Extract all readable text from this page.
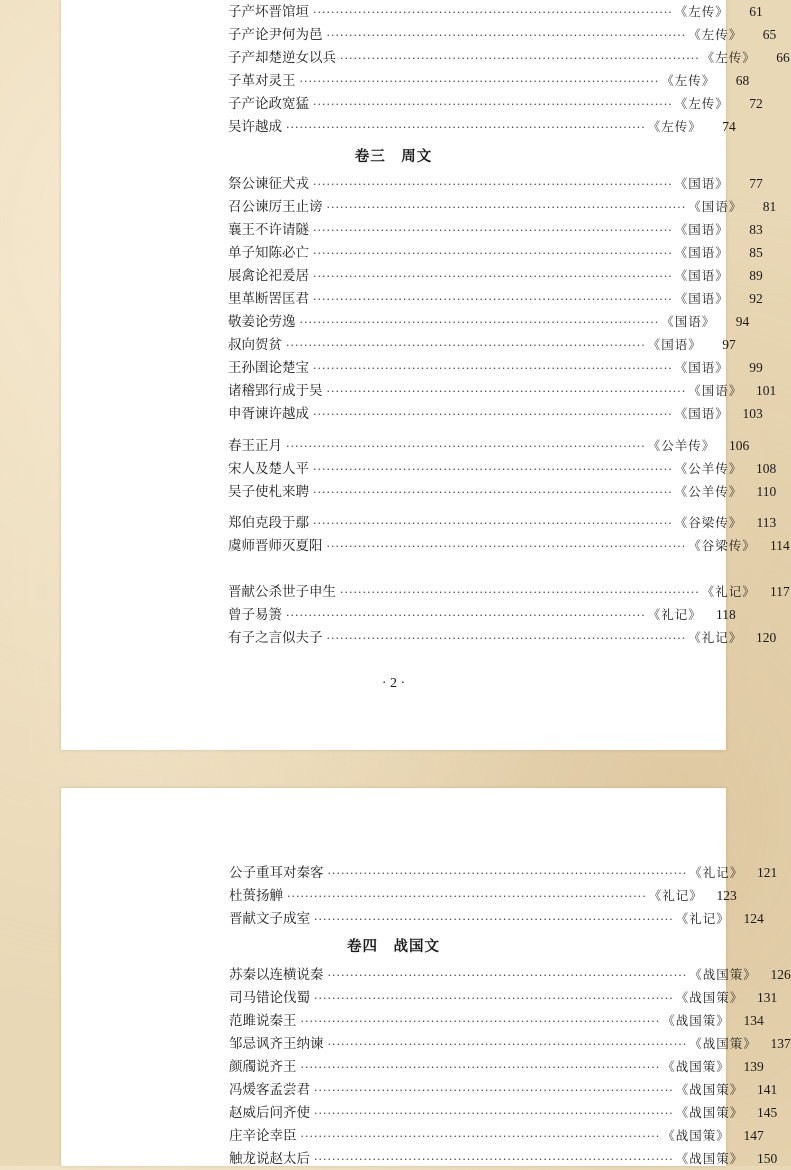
子产坏晋馆垣 ················································································ 《左传》	61
子产论尹何为邑 ················································································ 《左传》	65
子产却楚逆女以兵 ················································································ 《左传》	66
子革对灵王 ················································································ 《左传》	68
子产论政宽猛 ················································································ 《左传》	72
吴许越成 ················································································ 《左传》	74
卷三　周文
祭公谏征犬戎 ················································································ 《国语》	77
召公谏厉王止谤 ················································································ 《国语》	81
襄王不许请隧 ················································································ 《国语》	83
单子知陈必亡 ················································································ 《国语》	85
展禽论祀爰居 ················································································ 《国语》	89
里革断罟匡君 ················································································ 《国语》	92
敬姜论劳逸 ················································································ 《国语》	94
叔向贺贫 ················································································ 《国语》	97
王孙圉论楚宝 ················································································ 《国语》	99
诸稽郢行成于吴 ················································································ 《国语》	101
申胥谏许越成 ················································································ 《国语》	103
春王正月 ················································································ 《公羊传》	106
宋人及楚人平 ················································································ 《公羊传》	108
吴子使札来聘 ················································································ 《公羊传》	110
郑伯克段于鄢 ················································································ 《谷梁传》	113
虞师晋师灭夏阳 ················································································ 《谷梁传》	114
晋献公杀世子申生 ················································································ 《礼记》	117
曾子易箦 ················································································ 《礼记》	118
有子之言似夫子 ················································································ 《礼记》	120
· 2 ·
公子重耳对秦客 ················································································ 《礼记》	121
杜蒉扬觯 ················································································ 《礼记》	123
晋献文子成室 ················································································ 《礼记》	124
卷四　战国文
苏秦以连横说秦 ················································································ 《战国策》	126
司马错论伐蜀 ················································································ 《战国策》	131
范雎说秦王 ················································································ 《战国策》	134
邹忌讽齐王纳谏 ················································································ 《战国策》	137
颜斶说齐王 ················································································ 《战国策》	139
冯煖客孟尝君 ················································································ 《战国策》	141
赵威后问齐使 ················································································ 《战国策》	145
庄辛论幸臣 ················································································ 《战国策》	147
触龙说赵太后 ················································································ 《战国策》	150
